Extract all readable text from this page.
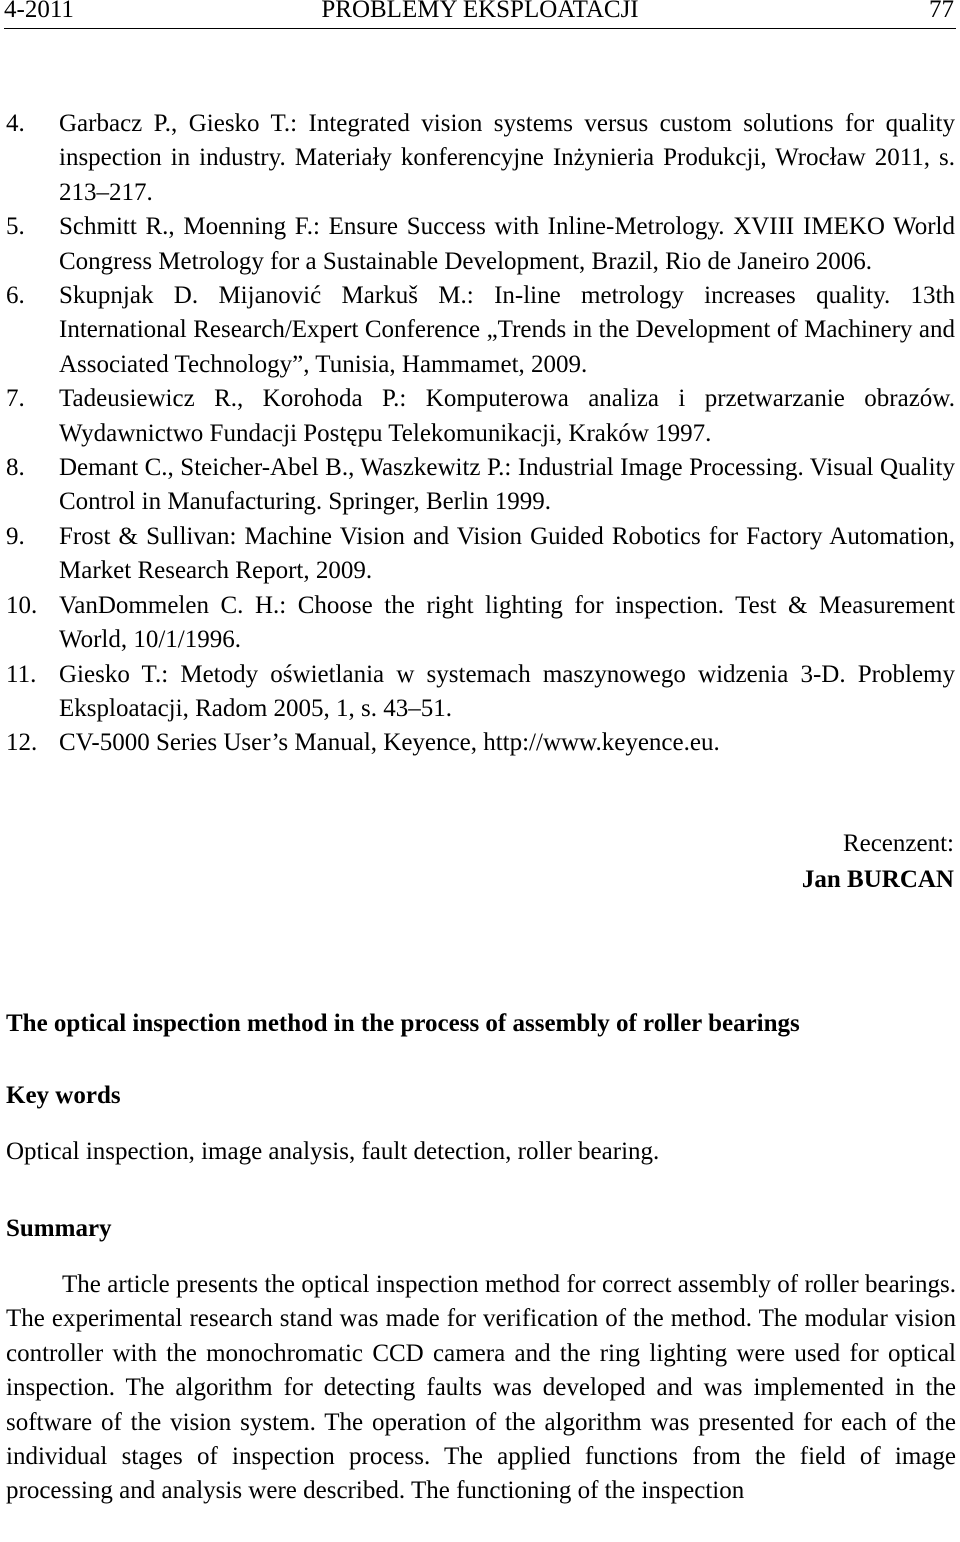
4-2011	PROBLEMY EKSPLOATACJI	77
4.	Garbacz P., Giesko T.: Integrated vision systems versus custom solutions for quality inspection in industry. Materiały konferencyjne Inżynieria Produkcji, Wrocław 2011, s. 213–217.
5.	Schmitt R., Moenning F.: Ensure Success with Inline-Metrology. XVIII IMEKO World Congress Metrology for a Sustainable Development, Brazil, Rio de Janeiro 2006.
6.	Skupnjak D. Mijanović Markuš M.: In-line metrology increases quality. 13th International Research/Expert Conference „Trends in the Development of Machinery and Associated Technology”, Tunisia, Hammamet, 2009.
7.	Tadeusiewicz R., Korohoda P.: Komputerowa analiza i przetwarzanie obrazów. Wydawnictwo Fundacji Postępu Telekomunikacji, Kraków 1997.
8.	Demant C., Steicher-Abel B., Waszkewitz P.: Industrial Image Processing. Visual Quality Control in Manufacturing. Springer, Berlin 1999.
9.	Frost & Sullivan: Machine Vision and Vision Guided Robotics for Factory Automation, Market Research Report, 2009.
10. VanDommelen C. H.: Choose the right lighting for inspection. Test & Measurement World, 10/1/1996.
11. Giesko T.: Metody oświetlania w systemach maszynowego widzenia 3-D. Problemy Eksploatacji, Radom 2005, 1, s. 43–51.
12. CV-5000 Series User’s Manual, Keyence, http://www.keyence.eu.
Recenzent:
Jan BURCAN
The optical inspection method in the process of assembly of roller bearings
Key words
Optical inspection, image analysis, fault detection, roller bearing.
Summary
The article presents the optical inspection method for correct assembly of roller bearings. The experimental research stand was made for verification of the method. The modular vision controller with the monochromatic CCD camera and the ring lighting were used for optical inspection. The algorithm for detecting faults was developed and was implemented in the software of the vision system. The operation of the algorithm was presented for each of the individual stages of inspection process. The applied functions from the field of image processing and analysis were described. The functioning of the inspection
